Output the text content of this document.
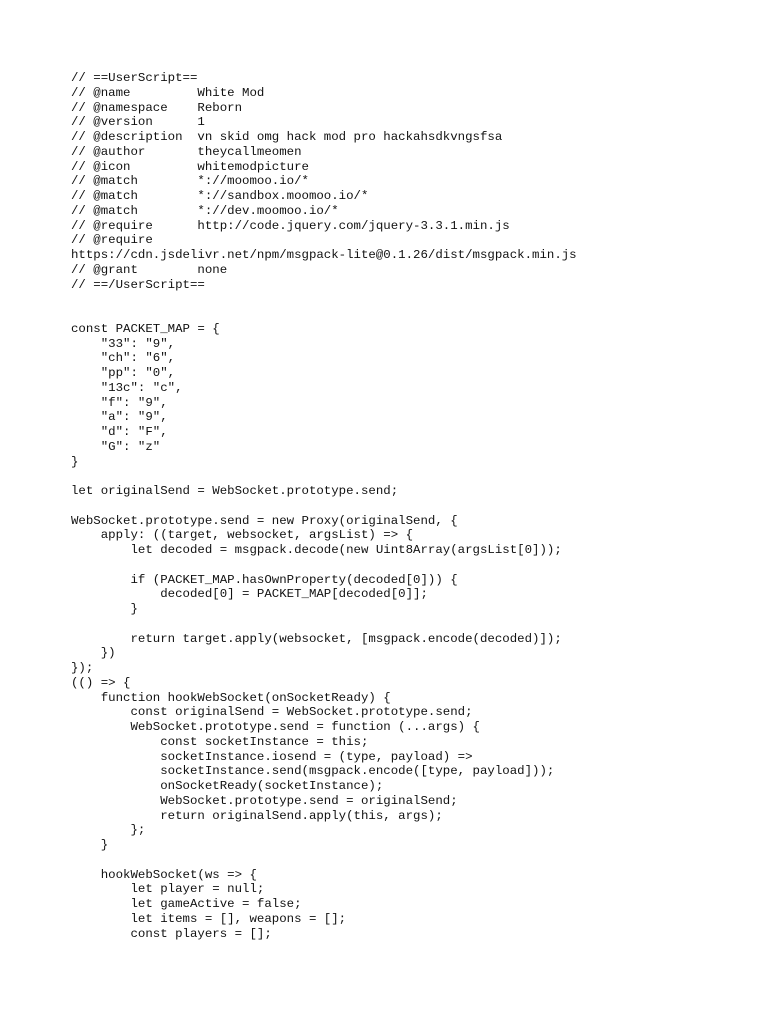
// ==UserScript==
// @name         White Mod
// @namespace    Reborn
// @version      1
// @description  vn skid omg hack mod pro hackahsdkvngsfsa
// @author       theycallmeomen
// @icon         whitemodpicture
// @match        *://moomoo.io/*
// @match        *://sandbox.moomoo.io/*
// @match        *://dev.moomoo.io/*
// @require      http://code.jquery.com/jquery-3.3.1.min.js
// @require
https://cdn.jsdelivr.net/npm/msgpack-lite@0.1.26/dist/msgpack.min.js
// @grant        none
// ==/UserScript==
const PACKET_MAP = {
"33": "9",
"ch": "6",
"pp": "0",
"13c": "c",
"f": "9",
"a": "9",
"d": "F",
"G": "z"
}
let originalSend = WebSocket.prototype.send;
WebSocket.prototype.send = new Proxy(originalSend, {
apply: ((target, websocket, argsList) => {
let decoded = msgpack.decode(new Uint8Array(argsList[0]));
if (PACKET_MAP.hasOwnProperty(decoded[0])) {
decoded[0] = PACKET_MAP[decoded[0]];
}
return target.apply(websocket, [msgpack.encode(decoded)]);
})
});
(() => {
function hookWebSocket(onSocketReady) {
const originalSend = WebSocket.prototype.send;
WebSocket.prototype.send = function (...args) {
const socketInstance = this;
socketInstance.iosend = (type, payload) =>
socketInstance.send(msgpack.encode([type, payload]));
onSocketReady(socketInstance);
WebSocket.prototype.send = originalSend;
return originalSend.apply(this, args);
};
}
hookWebSocket(ws => {
let player = null;
let gameActive = false;
let items = [], weapons = [];
const players = [];
